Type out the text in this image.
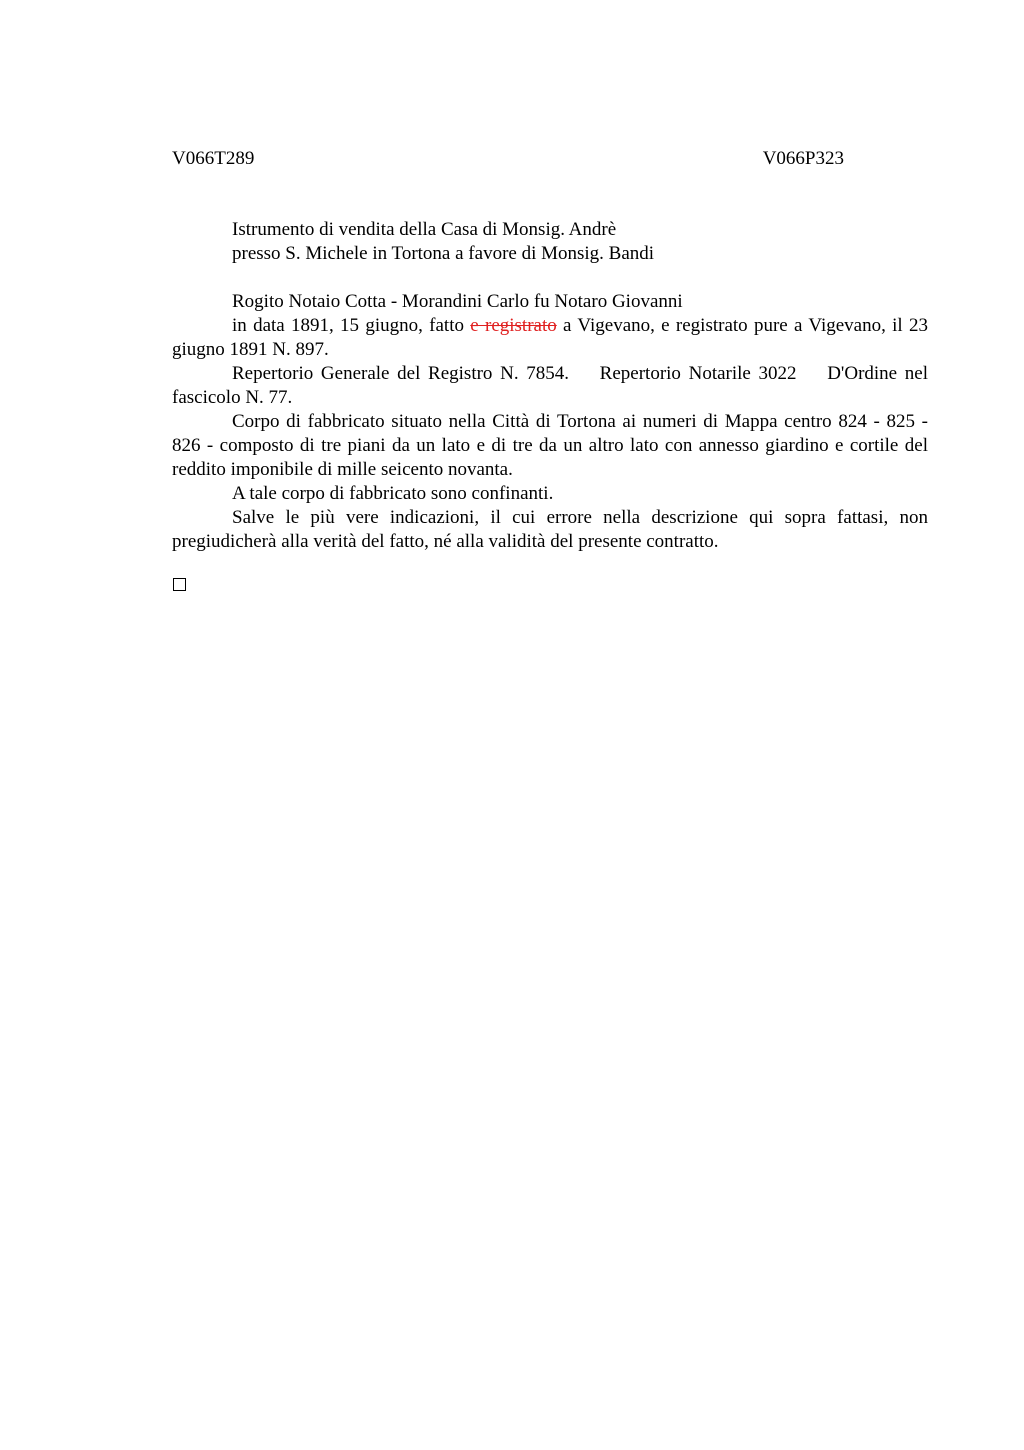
V066T289	V066P323

Istrumento di vendita della Casa di Monsig. Andrè

presso S. Michele in Tortona a favore di Monsig. Bandi

Rogito Notaio Cotta - Morandini Carlo fu Notaro Giovanni

in data 1891, 15 giugno, fatto e registrato a Vigevano, e registrato pure a Vigevano, il 23 giugno 1891 N. 897.

Repertorio Generale del Registro N. 7854.    Repertorio Notarile 3022    D'Ordine nel fascicolo N. 77.

Corpo di fabbricato situato nella Città di Tortona ai numeri di Mappa centro 824 - 825 - 826 - composto di tre piani da un lato e di tre da un altro lato con annesso giardino e cortile del reddito imponibile di mille seicento novanta.

A tale corpo di fabbricato sono confinanti.

Salve le più vere indicazioni, il cui errore nella descrizione qui sopra fattasi, non pregiudicherà alla verità del fatto, né alla validità del presente contratto.
